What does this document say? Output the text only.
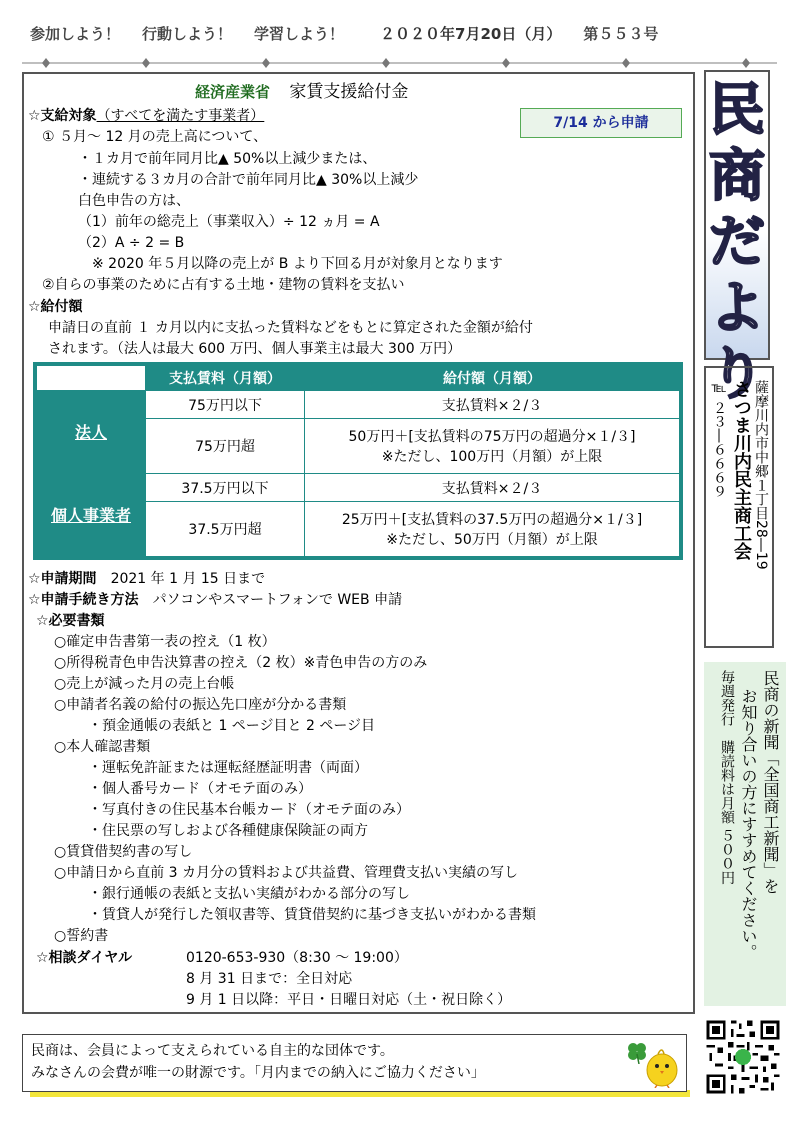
参加しよう！ 行動しよう！ 学習しよう！ ２０２０年7月20日（月） 第５５３号
経済産業省 家賃支援給付金
7/14 から申請
☆支給対象（すべてを満たす事業者）
① ５月～ 12 月の売上高について、
・１カ月で前年同月比▲ 50%以上減少または、
・連続する３カ月の合計で前年同月比▲ 30%以上減少
白色申告の方は、
（1）前年の総売上（事業収入）÷ 12 ヵ月 = A
（2）A ÷ 2 = B
※ 2020 年５月以降の売上が B より下回る月が対象月となります
②自らの事業のために占有する土地・建物の賃料を支払い
☆給付額
申請日の直前 １ カ月以内に支払った賃料などをもとに算定された金額が給付
されます。（法人は最大 600 万円、個人事業主は最大 300 万円）
	支払賃料（月額）	給付額（月額）
法人	75万円以下	支払賃料×２/３
	75万円超	50万円＋[支払賃料の75万円の超過分×１/３]
※ただし、100万円（月額）が上限

個人事業者	37.5万円以下	支払賃料×２/３
	37.5万円超	25万円＋[支払賃料の37.5万円の超過分×１/３]
※ただし、50万円（月額）が上限
☆申請期間　 2021 年 1 月 15 日まで
☆申請手続き方法　 パソコンやスマートフォンで WEB 申請
☆必要書類
○確定申告書第一表の控え（1 枚）
○所得税青色申告決算書の控え（2 枚）※青色申告の方のみ
○売上が減った月の売上台帳
○申請者名義の給付の振込先口座が分かる書類
・預金通帳の表紙と 1 ページ目と 2 ページ目
○本人確認書類
・運転免許証または運転経歴証明書（両面）
・個人番号カード（オモテ面のみ）
・写真付きの住民基本台帳カード（オモテ面のみ）
・住民票の写しおよび各種健康保険証の両方
○賃貸借契約書の写し
○申請日から直前 3 カ月分の賃料および共益費、管理費支払い実績の写し
・銀行通帳の表紙と支払い実績がわかる部分の写し
・賃貸人が発行した領収書等、賃貸借契約に基づき支払いがわかる書類
○誓約書
☆相談ダイヤル	0120-653-930（8:30 ～ 19:00）
8 月 31 日まで：全日対応
9 月 1 日以降：平日・日曜日対応（土・祝日除く）
民
商
だ
よ
り
薩摩川内市中郷１丁目28―19
さつま川内民主商工会
℡ ２３―６６６９
民商の新聞「全国商工新聞」を
お知り合いの方にすすめてください。
毎週発行　購読料は月額 ５００円
民商は、会員によって支えられている自主的な団体です。
みなさんの会費が唯一の財源です。「月内までの納入にご協力ください」
